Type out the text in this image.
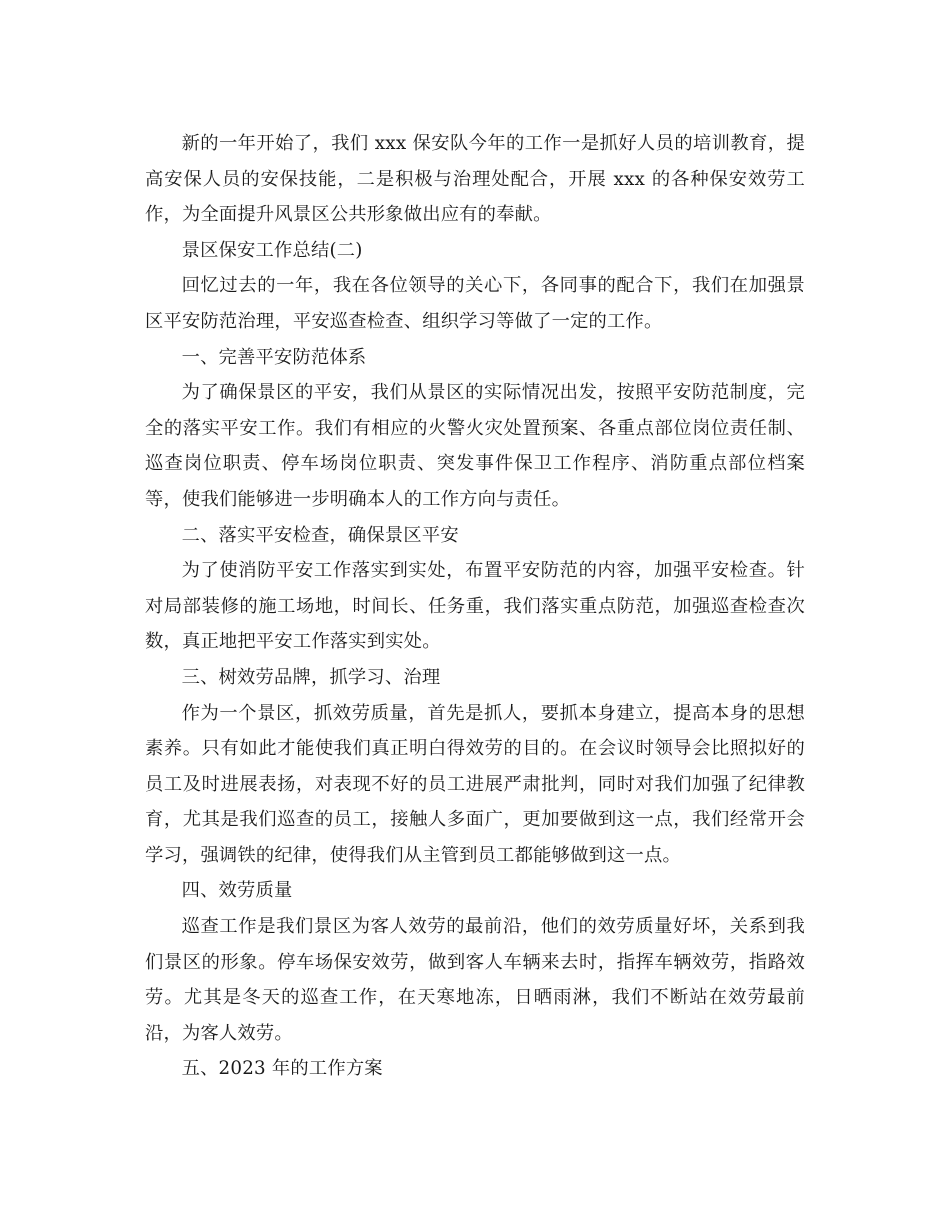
新的一年开始了，我们 xxx 保安队今年的工作一是抓好人员的培训教育，提高安保人员的安保技能，二是积极与治理处配合，开展 xxx 的各种保安效劳工作，为全面提升风景区公共形象做出应有的奉献。

景区保安工作总结(二)

回忆过去的一年，我在各位领导的关心下，各同事的配合下，我们在加强景区平安防范治理，平安巡查检查、组织学习等做了一定的工作。

一、完善平安防范体系

为了确保景区的平安，我们从景区的实际情况出发，按照平安防范制度，完全的落实平安工作。我们有相应的火警火灾处置预案、各重点部位岗位责任制、巡查岗位职责、停车场岗位职责、突发事件保卫工作程序、消防重点部位档案等，使我们能够进一步明确本人的工作方向与责任。

二、落实平安检查，确保景区平安

为了使消防平安工作落实到实处，布置平安防范的内容，加强平安检查。针对局部装修的施工场地，时间长、任务重，我们落实重点防范，加强巡查检查次数，真正地把平安工作落实到实处。

三、树效劳品牌，抓学习、治理

作为一个景区，抓效劳质量，首先是抓人，要抓本身建立，提高本身的思想素养。只有如此才能使我们真正明白得效劳的目的。在会议时领导会比照拟好的员工及时进展表扬，对表现不好的员工进展严肃批判，同时对我们加强了纪律教育，尤其是我们巡查的员工，接触人多面广，更加要做到这一点，我们经常开会学习，强调铁的纪律，使得我们从主管到员工都能够做到这一点。

四、效劳质量

巡查工作是我们景区为客人效劳的最前沿，他们的效劳质量好坏，关系到我们景区的形象。停车场保安效劳，做到客人车辆来去时，指挥车辆效劳，指路效劳。尤其是冬天的巡查工作，在天寒地冻，日晒雨淋，我们不断站在效劳最前沿，为客人效劳。

五、2023 年的工作方案
